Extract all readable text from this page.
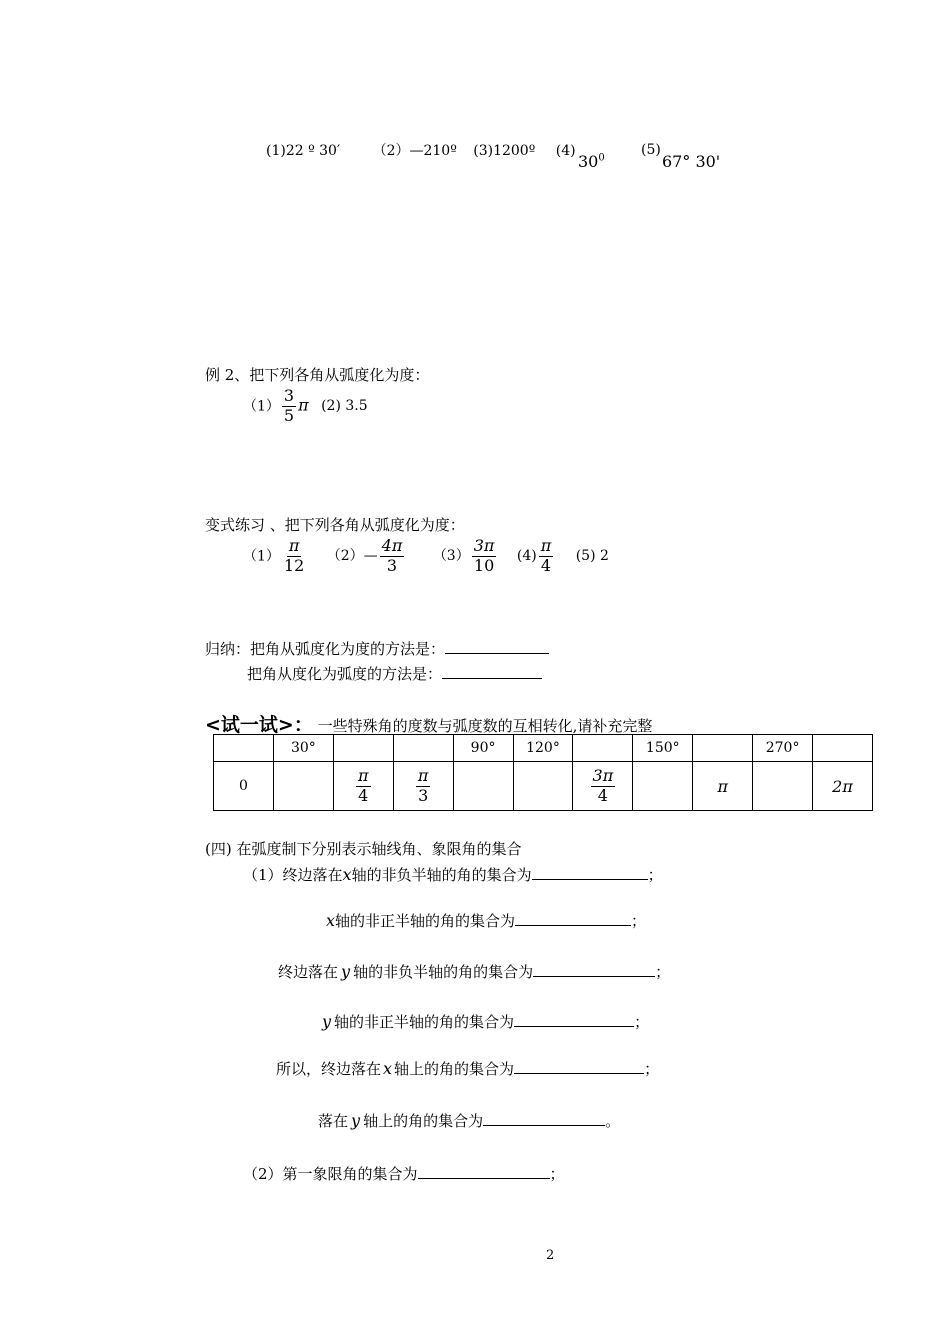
(1)22 º 30′ （2）—210º (3)1200º (4)
$30^0$
(5)
67° 30'
例 2、把下列各角从弧度化为度：
$(1) \frac{3}{5}$ π (2) 3.5
变式练习 、把下列各角从弧度化为度：
$(1) \frac{\pi}{12}$ （2）— $\frac{4\pi}{3} (3) \frac{3\pi}{10} (4) \frac{\pi}{4} (5)$ 2
归纳：把角从弧度化为度的方法是：
把角从度化为弧度的方法是：
<试一试>： 一些特殊角的度数与弧度数的互相转化,请补充完整
	30°			90°	120°		150°		270°	
0		$\frac{\pi}{4}$	$\frac{\pi}{3}$			$\frac{3\pi}{4}$		π		2π
(四) 在弧度制下分别表示轴线角、象限角的集合
（1）终边落在x轴的非负半轴的角的集合为	；
x轴的非正半轴的角的集合为	；
终边落在 y 轴的非负半轴的角的集合为	；
y 轴的非正半轴的角的集合为	；
所以，终边落在 x 轴上的角的集合为	；
落在 y 轴上的角的集合为	。
（2）第一象限角的集合为	；
2
